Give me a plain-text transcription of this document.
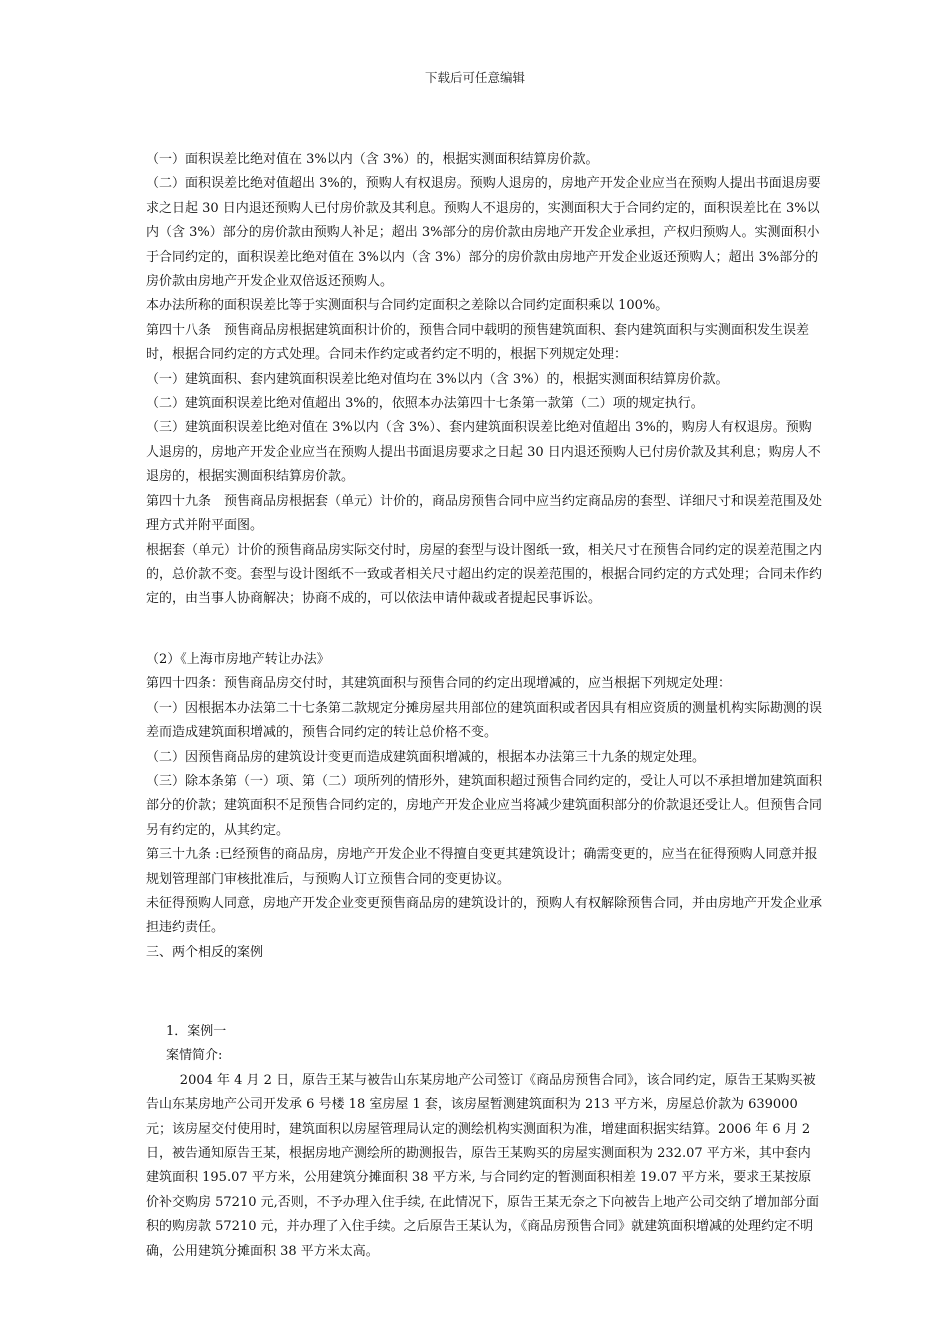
下载后可任意编辑

（一）面积误差比绝对值在 3%以内（含 3%）的，根据实测面积结算房价款。

（二）面积误差比绝对值超出 3%的，预购人有权退房。预购人退房的，房地产开发企业应当在预购人提出书面退房要求之日起 30 日内退还预购人已付房价款及其利息。预购人不退房的，实测面积大于合同约定的，面积误差比在 3%以内（含 3%）部分的房价款由预购人补足；超出 3%部分的房价款由房地产开发企业承担，产权归预购人。实测面积小于合同约定的，面积误差比绝对值在 3%以内（含 3%）部分的房价款由房地产开发企业返还预购人；超出 3%部分的房价款由房地产开发企业双倍返还预购人。

本办法所称的面积误差比等于实测面积与合同约定面积之差除以合同约定面积乘以 100%。

第四十八条　预售商品房根据建筑面积计价的，预售合同中载明的预售建筑面积、套内建筑面积与实测面积发生误差时，根据合同约定的方式处理。合同未作约定或者约定不明的，根据下列规定处理：

（一）建筑面积、套内建筑面积误差比绝对值均在 3%以内（含 3%）的，根据实测面积结算房价款。

（二）建筑面积误差比绝对值超出 3%的，依照本办法第四十七条第一款第（二）项的规定执行。

（三）建筑面积误差比绝对值在 3%以内（含 3%）、套内建筑面积误差比绝对值超出 3%的，购房人有权退房。预购人退房的，房地产开发企业应当在预购人提出书面退房要求之日起 30 日内退还预购人已付房价款及其利息；购房人不退房的，根据实测面积结算房价款。

第四十九条　预售商品房根据套（单元）计价的，商品房预售合同中应当约定商品房的套型、详细尺寸和误差范围及处理方式并附平面图。

根据套（单元）计价的预售商品房实际交付时，房屋的套型与设计图纸一致，相关尺寸在预售合同约定的误差范围之内的，总价款不变。套型与设计图纸不一致或者相关尺寸超出约定的误差范围的，根据合同约定的方式处理；合同未作约定的，由当事人协商解决；协商不成的，可以依法申请仲裁或者提起民事诉讼。

（2）《上海市房地产转让办法》

第四十四条：预售商品房交付时，其建筑面积与预售合同的约定出现增减的，应当根据下列规定处理：

（一）因根据本办法第二十七条第二款规定分摊房屋共用部位的建筑面积或者因具有相应资质的测量机构实际勘测的误差而造成建筑面积增减的，预售合同约定的转让总价格不变。

（二）因预售商品房的建筑设计变更而造成建筑面积增减的，根据本办法第三十九条的规定处理。

（三）除本条第（一）项、第（二）项所列的情形外，建筑面积超过预售合同约定的，受让人可以不承担增加建筑面积部分的价款；建筑面积不足预售合同约定的，房地产开发企业应当将减少建筑面积部分的价款退还受让人。但预售合同另有约定的，从其约定。

第三十九条 :已经预售的商品房，房地产开发企业不得擅自变更其建筑设计；确需变更的，应当在征得预购人同意并报规划管理部门审核批准后，与预购人订立预售合同的变更协议。

未征得预购人同意，房地产开发企业变更预售商品房的建筑设计的，预购人有权解除预售合同，并由房地产开发企业承担违约责任。

三、两个相反的案例

1．案例一

案情简介:

2004 年 4 月 2 日，原告王某与被告山东某房地产公司签订《商品房预售合同》，该合同约定，原告王某购买被告山东某房地产公司开发承 6 号楼 18 室房屋 1 套，该房屋暂测建筑面积为 213 平方米，房屋总价款为 639000 元；该房屋交付使用时，建筑面积以房屋管理局认定的测绘机构实测面积为准，增建面积据实结算。2006 年 6 月 2 日，被告通知原告王某，根据房地产测绘所的勘测报告，原告王某购买的房屋实测面积为 232.07 平方米，其中套内建筑面积 195.07 平方米，公用建筑分摊面积 38 平方米, 与合同约定的暂测面积相差 19.07 平方米，要求王某按原价补交购房 57210 元,否则，不予办理入住手续, 在此情况下，原告王某无奈之下向被告上地产公司交纳了增加部分面积的购房款 57210 元，并办理了入住手续。之后原告王某认为，《商品房预售合同》就建筑面积增减的处理约定不明确，公用建筑分摊面积 38 平方米太高。
